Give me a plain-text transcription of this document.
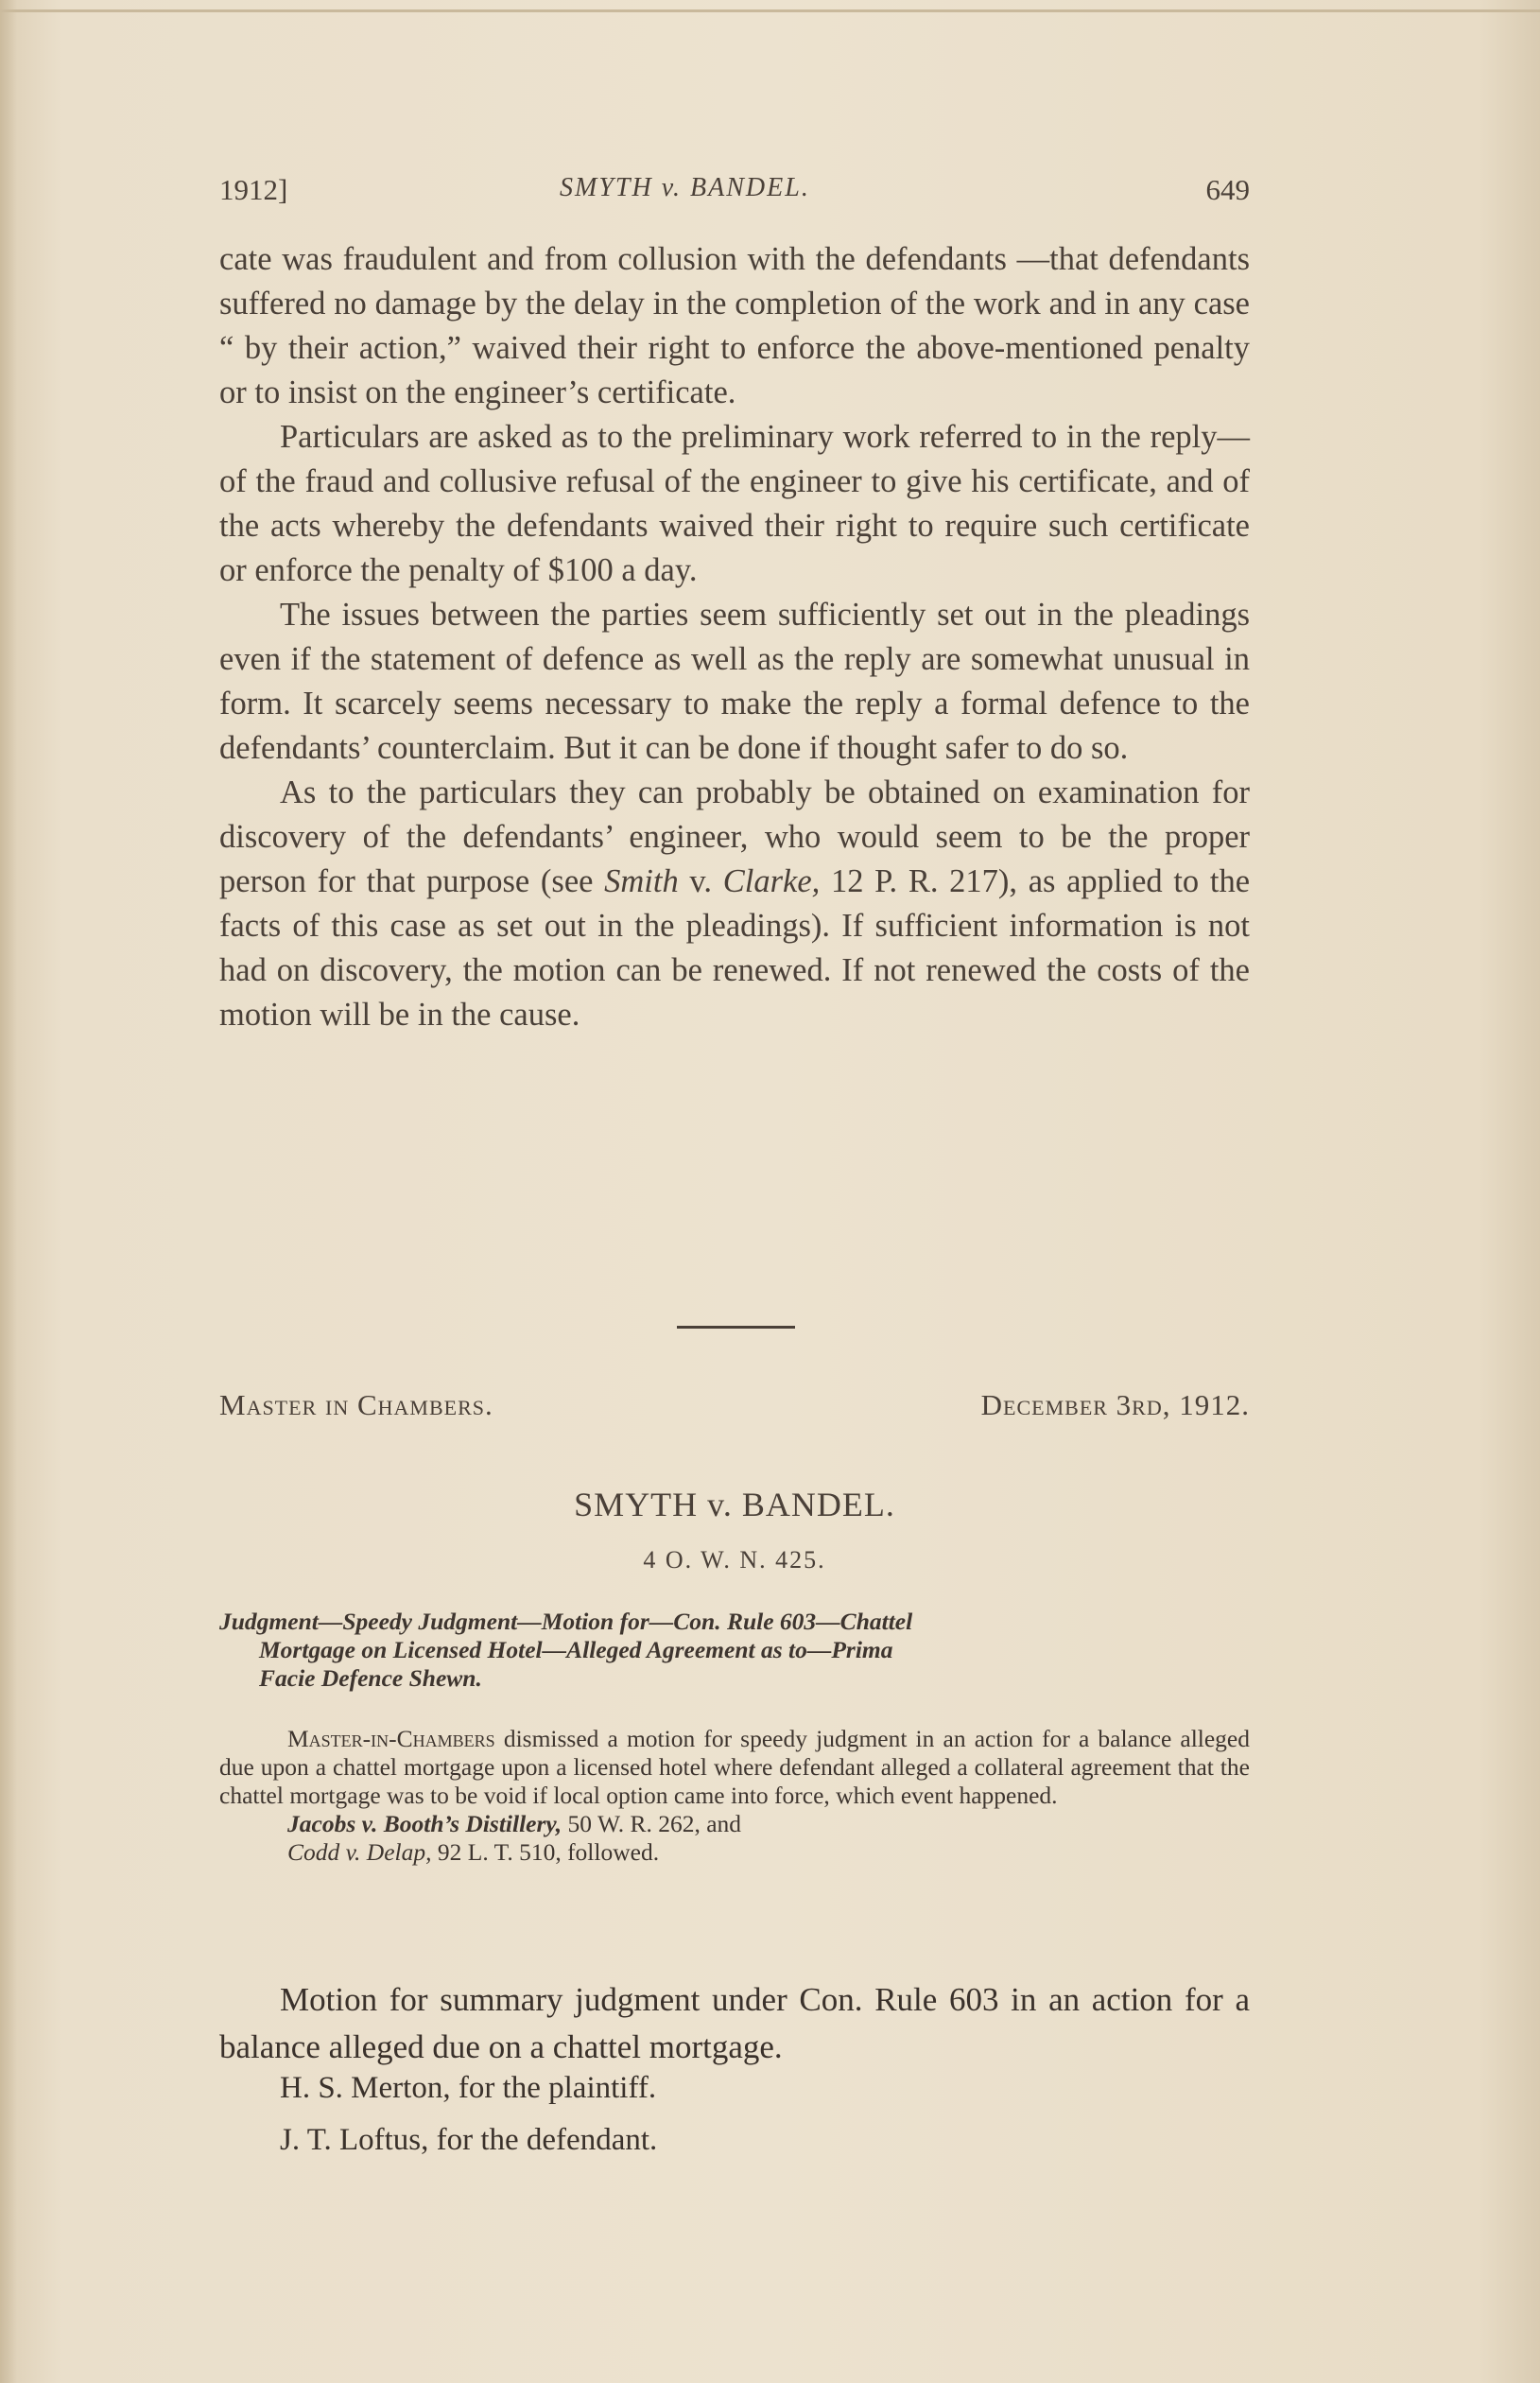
1912]	SMYTH v. BANDEL.	649

cate was fraudulent and from collusion with the defendants —that defendants suffered no damage by the delay in the completion of the work and in any case “ by their action,” waived their right to enforce the above-mentioned penalty or to insist on the engineer’s certificate.

Particulars are asked as to the preliminary work referred to in the reply—of the fraud and collusive refusal of the engineer to give his certificate, and of the acts whereby the defendants waived their right to require such certificate or enforce the penalty of $100 a day.

The issues between the parties seem sufficiently set out in the pleadings even if the statement of defence as well as the reply are somewhat unusual in form. It scarcely seems necessary to make the reply a formal defence to the defendants’ counterclaim. But it can be done if thought safer to do so.

As to the particulars they can probably be obtained on examination for discovery of the defendants’ engineer, who would seem to be the proper person for that purpose (see Smith v. Clarke, 12 P. R. 217), as applied to the facts of this case as set out in the pleadings). If sufficient information is not had on discovery, the motion can be renewed. If not renewed the costs of the motion will be in the cause.

Master in Chambers.	December 3rd, 1912.
SMYTH v. BANDEL.
4 O. W. N. 425.
Judgment—Speedy Judgment—Motion for—Con. Rule 603—Chattel
Mortgage on Licensed Hotel—Alleged Agreement as to—Prima
Facie Defence Shewn.
Master-in-Chambers dismissed a motion for speedy judgment in an action for a balance alleged due upon a chattel mortgage upon a licensed hotel where defendant alleged a collateral agreement that the chattel mortgage was to be void if local option came into force, which event happened.
Jacobs v. Booth’s Distillery, 50 W. R. 262, and
Codd v. Delap, 92 L. T. 510, followed.

Motion for summary judgment under Con. Rule 603 in an action for a balance alleged due on a chattel mortgage.

H. S. Merton, for the plaintiff.
J. T. Loftus, for the defendant.
